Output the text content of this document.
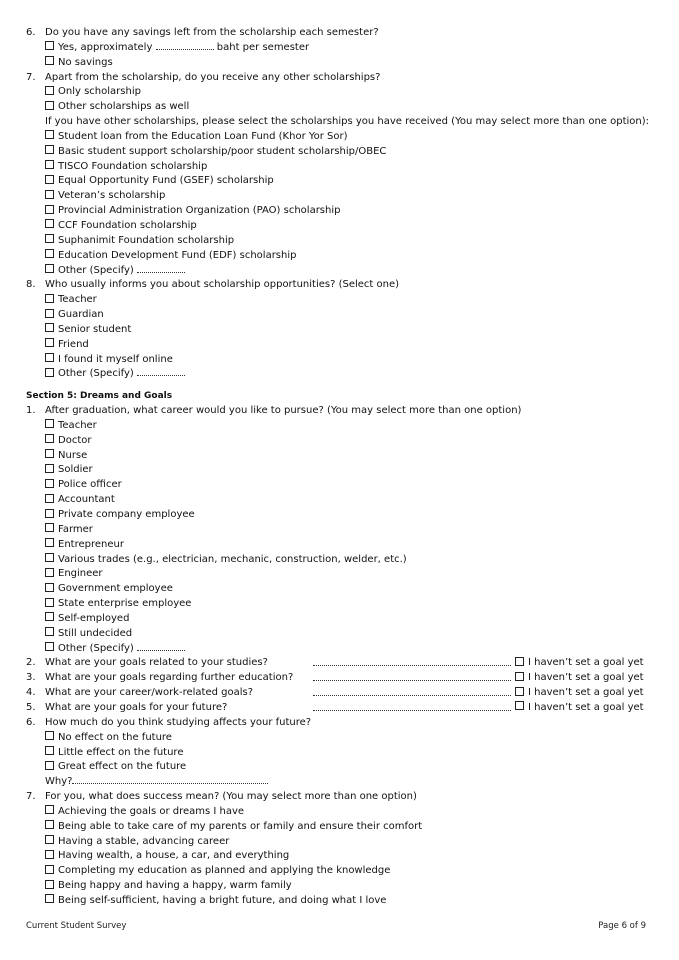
6. Do you have any savings left from the scholarship each semester?
Yes, approximately	baht per semester
No savings
7. Apart from the scholarship, do you receive any other scholarships?
Only scholarship
Other scholarships as well
If you have other scholarships, please select the scholarships you have received (You may select more than one option):
Student loan from the Education Loan Fund (Khor Yor Sor)
Basic student support scholarship/poor student scholarship/OBEC
TISCO Foundation scholarship
Equal Opportunity Fund (GSEF) scholarship
Veteran’s scholarship
Provincial Administration Organization (PAO) scholarship
CCF Foundation scholarship
Suphanimit Foundation scholarship
Education Development Fund (EDF) scholarship
Other (Specify)
8. Who usually informs you about scholarship opportunities? (Select one)
Teacher
Guardian
Senior student
Friend
I found it myself online
Other (Specify)
Section 5: Dreams and Goals
1. After graduation, what career would you like to pursue? (You may select more than one option)
Teacher
Doctor
Nurse
Soldier
Police officer
Accountant
Private company employee
Farmer
Entrepreneur
Various trades (e.g., electrician, mechanic, construction, welder, etc.)
Engineer
Government employee
State enterprise employee
Self-employed
Still undecided
Other (Specify)
2. What are your goals related to your studies?	I haven’t set a goal yet
3. What are your goals regarding further education?	I haven’t set a goal yet
4. What are your career/work-related goals?	I haven’t set a goal yet
5. What are your goals for your future?	I haven’t set a goal yet
6. How much do you think studying affects your future?
No effect on the future
Little effect on the future
Great effect on the future
Why?
7. For you, what does success mean? (You may select more than one option)
Achieving the goals or dreams I have
Being able to take care of my parents or family and ensure their comfort
Having a stable, advancing career
Having wealth, a house, a car, and everything
Completing my education as planned and applying the knowledge
Being happy and having a happy, warm family
Being self-sufficient, having a bright future, and doing what I love
Current Student Survey	Page 6 of 9
